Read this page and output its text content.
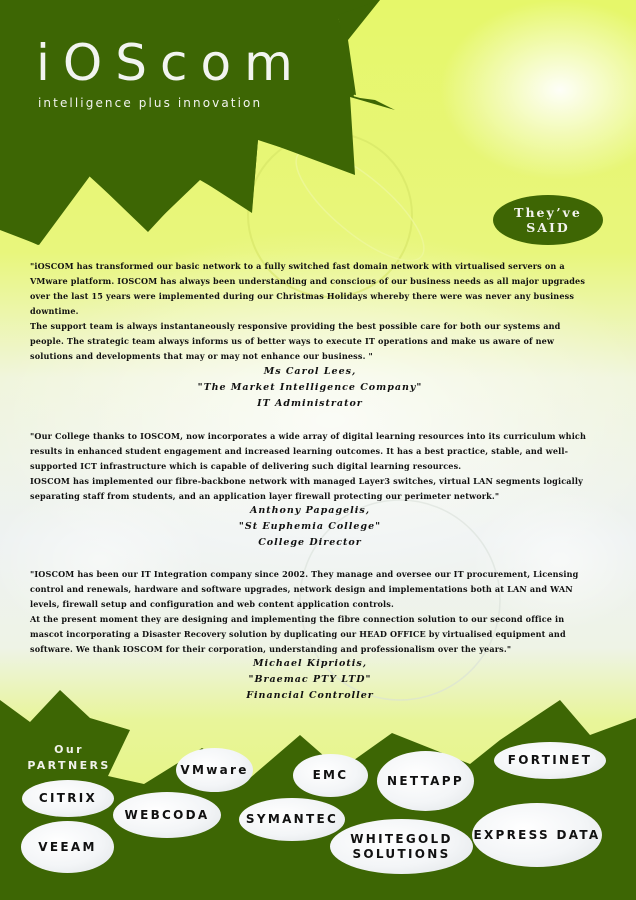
iOScom
intelligence plus innovation
They’ve
SAID

"iOSCOM has transformed our basic network to a fully switched fast domain network with virtualised servers on a VMware platform. IOSCOM has always been understanding and conscious of our business needs as all major upgrades over the last 15 years were implemented during our Christmas Holidays whereby there were was never any business downtime.

The support team is always instantaneously responsive providing the best possible care for both our systems and people. The strategic team always informs us of better ways to execute IT operations and make us aware of new solutions and developments that may or may not enhance our business. "

Ms Carol Lees,
"The Market Intelligence Company"
IT Administrator

"Our College thanks to IOSCOM, now incorporates a wide array of digital learning resources into its curriculum which results in enhanced student engagement and increased learning outcomes. It has a best practice, stable, and well-supported ICT infrastructure which is capable of delivering such digital learning resources.

IOSCOM has implemented our fibre-backbone network with managed Layer3 switches, virtual LAN segments logically separating staff from students, and an application layer firewall protecting our perimeter network."

Anthony Papagelis,
"St Euphemia College"
College Director

"IOSCOM has been our IT Integration company since 2002. They manage and oversee our IT procurement, Licensing control and renewals, hardware and software upgrades, network design and implementations both at LAN and WAN levels, firewall setup and configuration and web content application controls.

At the present moment they are designing and implementing the fibre connection solution to our second office in mascot incorporating a Disaster Recovery solution by duplicating our HEAD OFFICE by virtualised equipment and software. We thank IOSCOM for their corporation, understanding and professionalism over the years."

Michael Kipriotis,
"Braemac PTY LTD"
Financial Controller
Our
PARTNERS
CITRIX
VEEAM
WEBCODA
VMware
SYMANTEC
EMC	NETTAPP
WHITEGOLD SOLUTIONS
FORTINET
EXPRESS DATA
